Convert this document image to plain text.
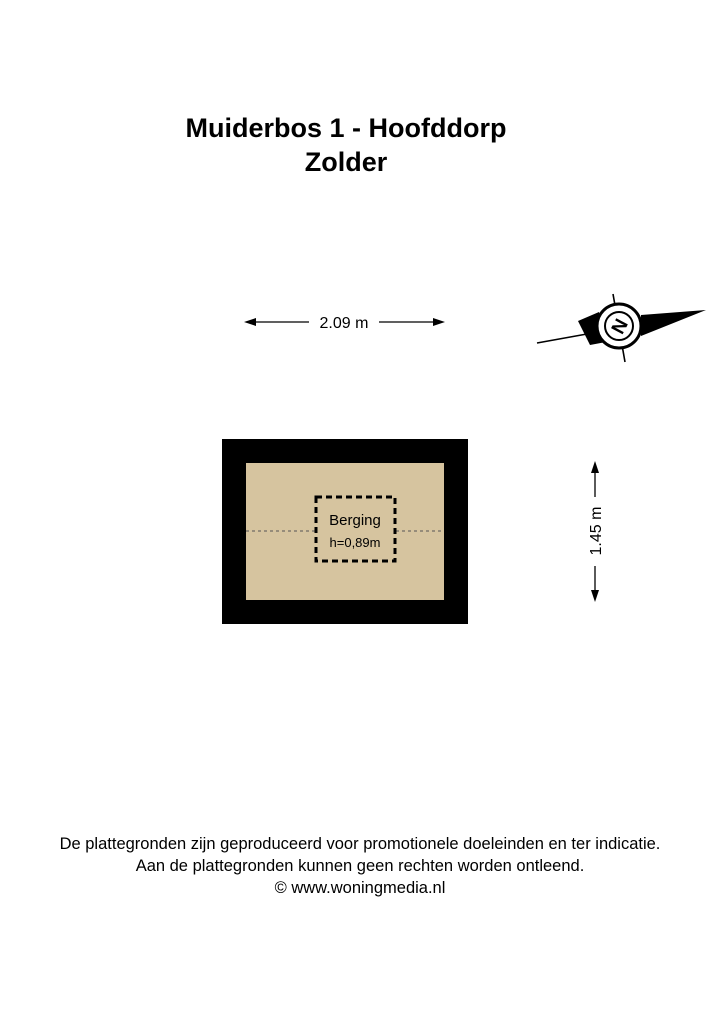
Muiderbos 1 - Hoofddorp
Zolder
2.09 m	N
Berging
h=0,89m	1.45 m
De plattegronden zijn geproduceerd voor promotionele doeleinden en ter indicatie.
Aan de plattegronden kunnen geen rechten worden ontleend.
© www.woningmedia.nl
